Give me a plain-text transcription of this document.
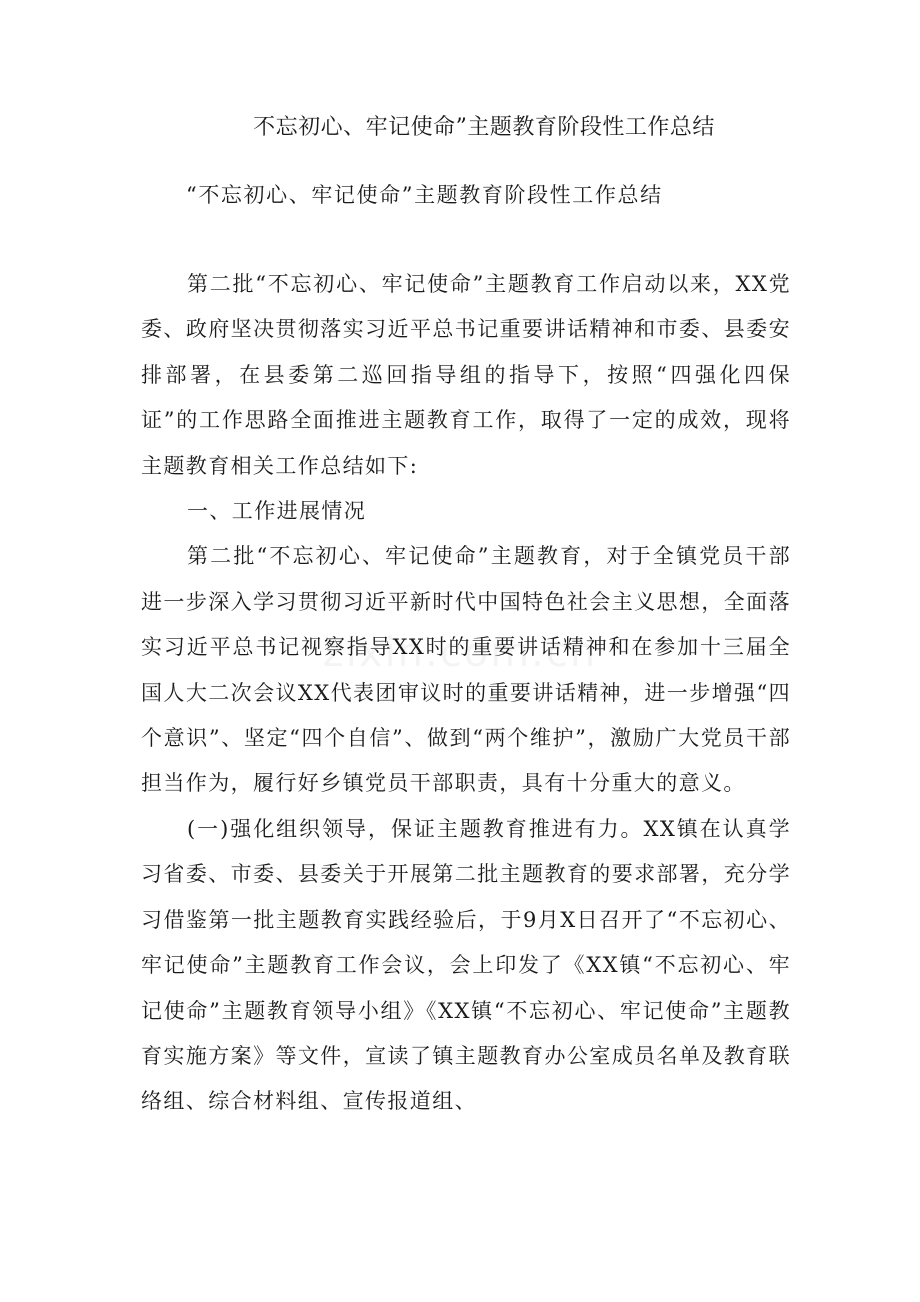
不忘初心、牢记使命”主题教育阶段性工作总结
“不忘初心、牢记使命”主题教育阶段性工作总结

第二批“不忘初心、牢记使命”主题教育工作启动以来，XX党委、政府坚决贯彻落实习近平总书记重要讲话精神和市委、县委安排部署，在县委第二巡回指导组的指导下，按照“四强化四保证”的工作思路全面推进主题教育工作，取得了一定的成效，现将主题教育相关工作总结如下:

一、工作进展情况

第二批“不忘初心、牢记使命”主题教育，对于全镇党员干部进一步深入学习贯彻习近平新时代中国特色社会主义思想，全面落实习近平总书记视察指导XX时的重要讲话精神和在参加十三届全国人大二次会议XX代表团审议时的重要讲话精神，进一步增强“四个意识”、坚定“四个自信”、做到“两个维护”，激励广大党员干部担当作为，履行好乡镇党员干部职责，具有十分重大的意义。

(一)强化组织领导，保证主题教育推进有力。XX镇在认真学习省委、市委、县委关于开展第二批主题教育的要求部署，充分学习借鉴第一批主题教育实践经验后，于9月X日召开了“不忘初心、牢记使命”主题教育工作会议，会上印发了《XX镇“不忘初心、牢记使命”主题教育领导小组》《XX镇“不忘初心、牢记使命”主题教育实施方案》等文件，宣读了镇主题教育办公室成员名单及教育联络组、综合材料组、宣传报道组、
